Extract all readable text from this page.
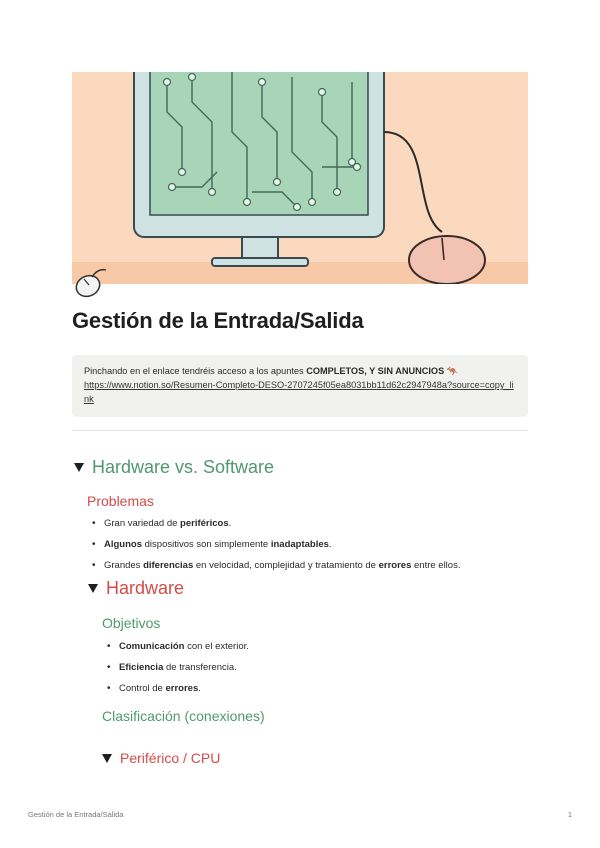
Gestión de la Entrada/Salida
Pinchando en el enlace tendréis acceso a los apuntes COMPLETOS, Y SIN ANUNCIOS 🦘
https://www.notion.so/Resumen-Completo-DESO-2707245f05ea8031bb11d62c2947948a?source=copy_link
Hardware vs. Software
Problemas
• Gran variedad de periféricos.
• Algunos dispositivos son simplemente inadaptables.
• Grandes diferencias en velocidad, complejidad y tratamiento de errores entre ellos.
Hardware
Objetivos
• Comunicación con el exterior.
• Eficiencia de transferencia.
• Control de errores.
Clasificación (conexiones)
Periférico / CPU
Gestión de la Entrada/Salida	1
